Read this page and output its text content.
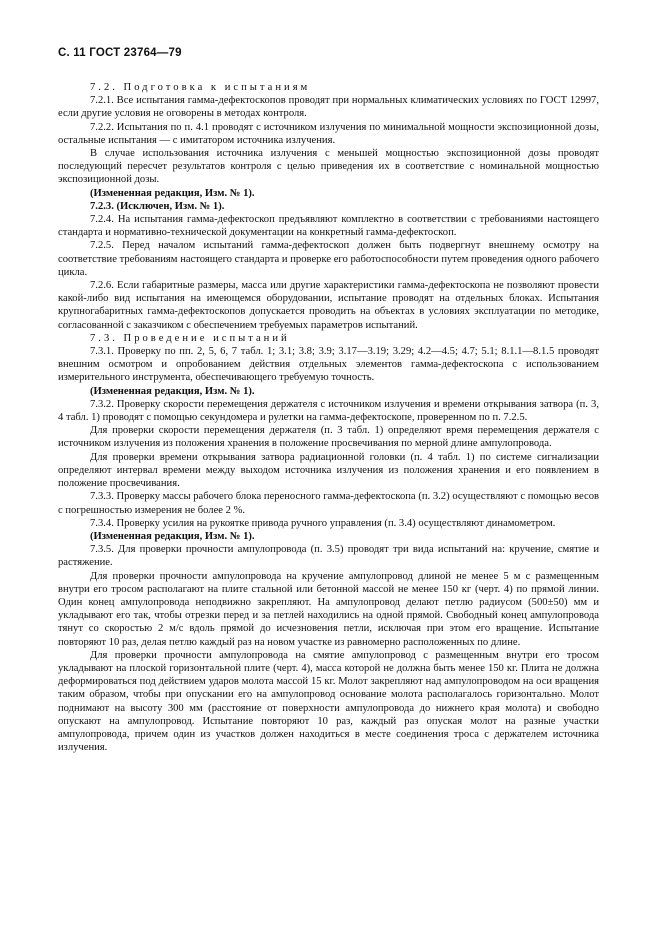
С. 11 ГОСТ 23764—79

7.2. Подготовка к испытаниям

7.2.1. Все испытания гамма-дефектоскопов проводят при нормальных климатических условиях по ГОСТ 12997, если другие условия не оговорены в методах контроля.

7.2.2. Испытания по п. 4.1 проводят с источником излучения по минимальной мощности экспозиционной дозы, остальные испытания — с имитатором источника излучения.

В случае использования источника излучения с меньшей мощностью экспозиционной дозы проводят последующий пересчет результатов контроля с целью приведения их в соответствие с номинальной мощностью экспозиционной дозы.

(Измененная редакция, Изм. № 1).

7.2.3. (Исключен, Изм. № 1).

7.2.4. На испытания гамма-дефектоскоп предъявляют комплектно в соответствии с требованиями настоящего стандарта и нормативно-технической документации на конкретный гамма-дефектоскоп.

7.2.5. Перед началом испытаний гамма-дефектоскоп должен быть подвергнут внешнему осмотру на соответствие требованиям настоящего стандарта и проверке его работоспособности путем проведения одного рабочего цикла.

7.2.6. Если габаритные размеры, масса или другие характеристики гамма-дефектоскопа не позволяют провести какой-либо вид испытания на имеющемся оборудовании, испытание проводят на отдельных блоках. Испытания крупногабаритных гамма-дефектоскопов допускается проводить на объектах в условиях эксплуатации по методике, согласованной с заказчиком с обеспечением требуемых параметров испытаний.

7.3. Проведение испытаний

7.3.1. Проверку по пп. 2, 5, 6, 7 табл. 1; 3.1; 3.8; 3.9; 3.17—3.19; 3.29; 4.2—4.5; 4.7; 5.1; 8.1.1—8.1.5 проводят внешним осмотром и опробованием действия отдельных элементов гамма-дефектоскопа с использованием измерительного инструмента, обеспечивающего требуемую точность.

(Измененная редакция, Изм. № 1).

7.3.2. Проверку скорости перемещения держателя с источником излучения и времени открывания затвора (п. 3, 4 табл. 1) проводят с помощью секундомера и рулетки на гамма-дефектоскопе, проверенном по п. 7.2.5.

Для проверки скорости перемещения держателя (п. 3 табл. 1) определяют время перемещения держателя с источником излучения из положения хранения в положение просвечивания по мерной длине ампулопровода.

Для проверки времени открывания затвора радиационной головки (п. 4 табл. 1) по системе сигнализации определяют интервал времени между выходом источника излучения из положения хранения и его появлением в положение просвечивания.

7.3.3. Проверку массы рабочего блока переносного гамма-дефектоскопа (п. 3.2) осуществляют с помощью весов с погрешностью измерения не более 2 %.

7.3.4. Проверку усилия на рукоятке привода ручного управления (п. 3.4) осуществляют динамометром.

(Измененная редакция, Изм. № 1).

7.3.5. Для проверки прочности ампулопровода (п. 3.5) проводят три вида испытаний на: кручение, смятие и растяжение.

Для проверки прочности ампулопровода на кручение ампулопровод длиной не менее 5 м с размещенным внутри его тросом располагают на плите стальной или бетонной массой не менее 150 кг (черт. 4) по прямой линии. Один конец ампулопровода неподвижно закрепляют. На ампулопровод делают петлю радиусом (500±50) мм и укладывают его так, чтобы отрезки перед и за петлей находились на одной прямой. Свободный конец ампулопровода тянут со скоростью 2 м/с вдоль прямой до исчезновения петли, исключая при этом его вращение. Испытание повторяют 10 раз, делая петлю каждый раз на новом участке из равномерно расположенных по длине.

Для проверки прочности ампулопровода на смятие ампулопровод с размещенным внутри его тросом укладывают на плоской горизонтальной плите (черт. 4), масса которой не должна быть менее 150 кг. Плита не должна деформироваться под действием ударов молота массой 15 кг. Молот закрепляют над ампулопроводом на оси вращения таким образом, чтобы при опускании его на ампулопровод основание молота располагалось горизонтально. Молот поднимают на высоту 300 мм (расстояние от поверхности ампулопровода до нижнего края молота) и свободно опускают на ампулопровод. Испытание повторяют 10 раз, каждый раз опуская молот на разные участки ампулопровода, причем один из участков должен находиться в месте соединения троса с держателем источника излучения.
